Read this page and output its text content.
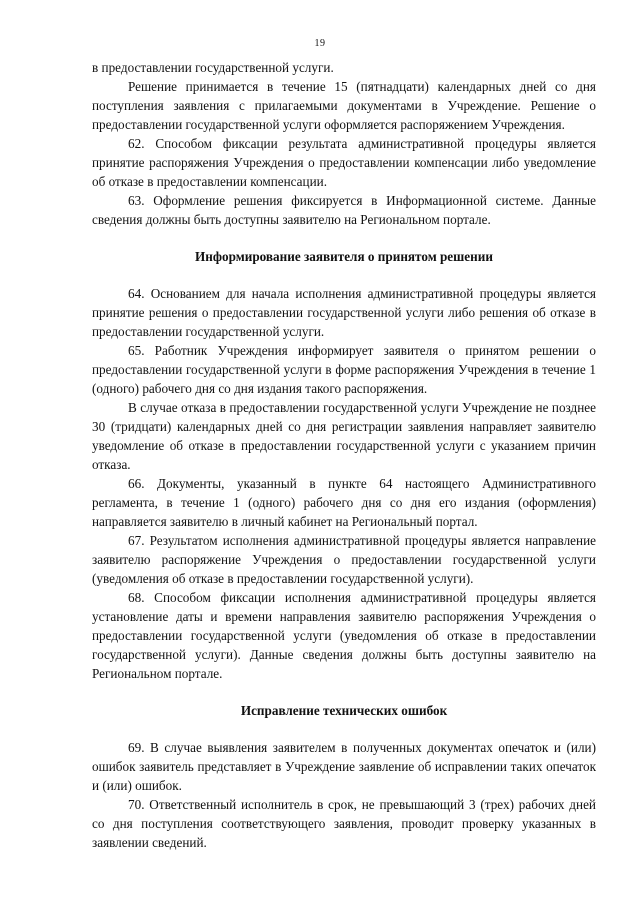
19

в предоставлении государственной услуги.

Решение принимается в течение 15 (пятнадцати) календарных дней со дня поступления заявления с прилагаемыми документами в Учреждение. Решение о предоставлении государственной услуги оформляется распоряжением Учреждения.

62. Способом фиксации результата административной процедуры является принятие распоряжения Учреждения о предоставлении компенсации либо уведомление об отказе в предоставлении компенсации.

63. Оформление решения фиксируется в Информационной системе. Данные сведения должны быть доступны заявителю на Региональном портале.

Информирование заявителя о принятом решении

64. Основанием для начала исполнения административной процедуры является принятие решения о предоставлении государственной услуги либо решения об отказе в предоставлении государственной услуги.

65. Работник Учреждения информирует заявителя о принятом решении о предоставлении государственной услуги в форме распоряжения Учреждения в течение 1 (одного) рабочего дня со дня издания такого распоряжения.

В случае отказа в предоставлении государственной услуги Учреждение не позднее 30 (тридцати) календарных дней со дня регистрации заявления направляет заявителю уведомление об отказе в предоставлении государственной услуги с указанием причин отказа.

66. Документы, указанный в пункте 64 настоящего Административного регламента, в течение 1 (одного) рабочего дня со дня его издания (оформления) направляется заявителю в личный кабинет на Региональный портал.

67. Результатом исполнения административной процедуры является направление заявителю распоряжение Учреждения о предоставлении государственной услуги (уведомления об отказе в предоставлении государственной услуги).

68. Способом фиксации исполнения административной процедуры является установление даты и времени направления заявителю распоряжения Учреждения о предоставлении государственной услуги (уведомления об отказе в предоставлении государственной услуги). Данные сведения должны быть доступны заявителю на Региональном портале.

Исправление технических ошибок

69. В случае выявления заявителем в полученных документах опечаток и (или) ошибок заявитель представляет в Учреждение заявление об исправлении таких опечаток и (или) ошибок.

70. Ответственный исполнитель в срок, не превышающий 3 (трех) рабочих дней со дня поступления соответствующего заявления, проводит проверку указанных в заявлении сведений.
